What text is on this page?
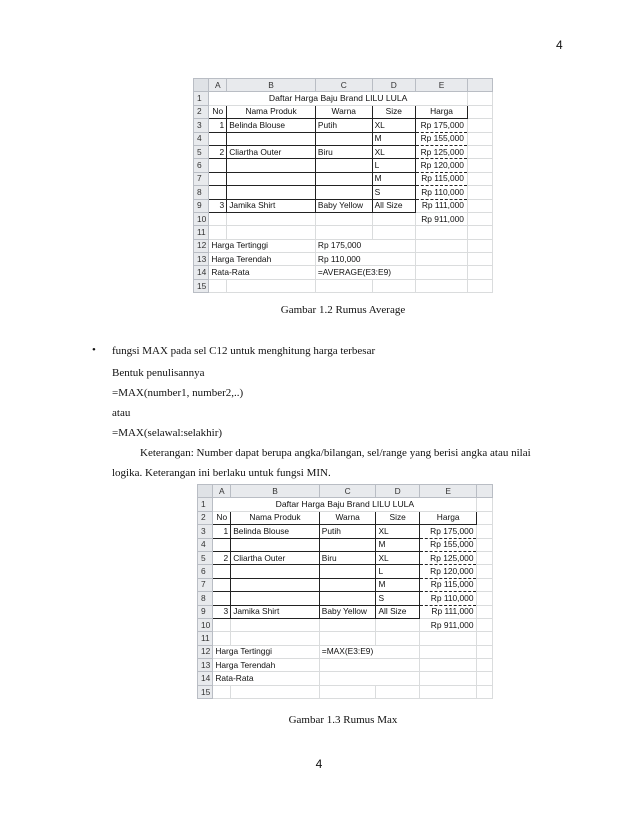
4
	A	B	C	D	E	
1	Daftar Harga Baju Brand LILU LULA					
2	No	Nama Produk	Warna	Size	Harga	
3	1	Belinda Blouse	Putih	XL	Rp 175,000	
4				M	Rp 155,000	
5	2	Cliartha Outer	Biru	XL	Rp 125,000	
6				L	Rp 120,000	
7				M	Rp 115,000	
8				S	Rp 110,000	
9	3	Jamika Shirt	Baby Yellow	All Size	Rp 111,000	
10					Rp 911,000	
11						
12	Harga Tertinggi		Rp 175,000			
13	Harga Terendah		Rp 110,000			
14	Rata-Rata		=AVERAGE(E3:E9)			
15						
Gambar 1.2 Rumus Average
• fungsi MAX pada sel C12 untuk menghitung harga terbesar
Bentuk penulisannya
=MAX(number1, number2,..)
atau
=MAX(selawal:selakhir)
Keterangan: Number dapat berupa angka/bilangan, sel/range yang berisi angka atau nilai
logika. Keterangan ini berlaku untuk fungsi MIN.
	A	B	C	D	E	
1	Daftar Harga Baju Brand LILU LULA					
2	No	Nama Produk	Warna	Size	Harga	
3	1	Belinda Blouse	Putih	XL	Rp 175,000	
4				M	Rp 155,000	
5	2	Cliartha Outer	Biru	XL	Rp 125,000	
6				L	Rp 120,000	
7				M	Rp 115,000	
8				S	Rp 110,000	
9	3	Jamika Shirt	Baby Yellow	All Size	Rp 111,000	
10					Rp 911,000	
11						
12	Harga Tertinggi		=MAX(E3:E9)			
13	Harga Terendah					
14	Rata-Rata					
15						
Gambar 1.3 Rumus Max
4
